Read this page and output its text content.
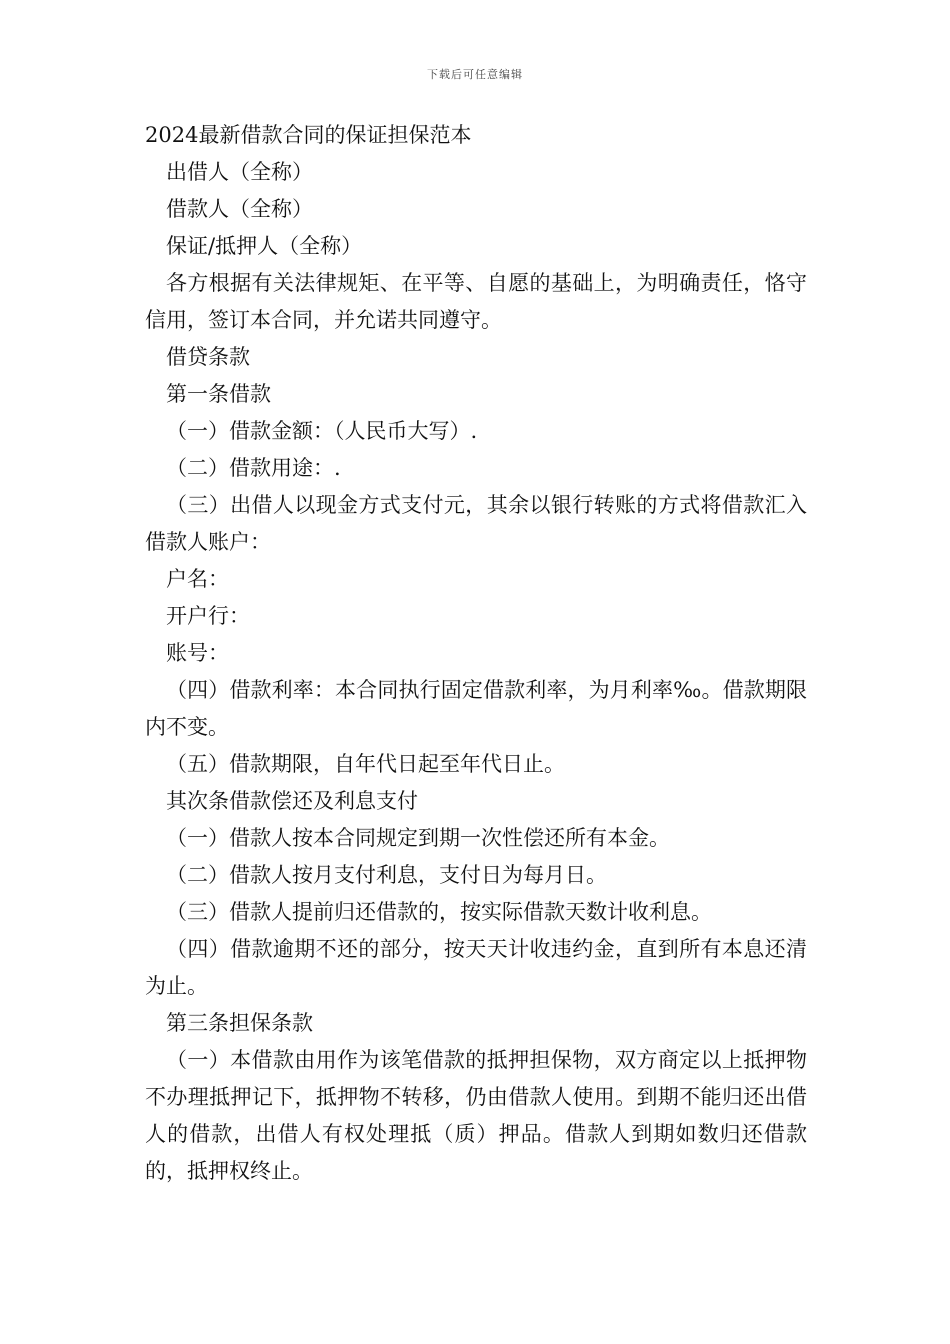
下载后可任意编辑
2024最新借款合同的保证担保范本

出借人（全称）

借款人（全称）

保证/抵押人（全称）

各方根据有关法律规矩、在平等、自愿的基础上，为明确责任，恪守信用，签订本合同，并允诺共同遵守。

借贷条款

第一条借款

（一）借款金额：（人民币大写）.

（二）借款用途：.

（三）出借人以现金方式支付元，其余以银行转账的方式将借款汇入借款人账户：

户名：

开户行：

账号：

（四）借款利率：本合同执行固定借款利率，为月利率‰。借款期限内不变。

（五）借款期限，自年代日起至年代日止。

其次条借款偿还及利息支付

（一）借款人按本合同规定到期一次性偿还所有本金。

（二）借款人按月支付利息，支付日为每月日。

（三）借款人提前归还借款的，按实际借款天数计收利息。

（四）借款逾期不还的部分，按天天计收违约金，直到所有本息还清为止。

第三条担保条款

（一）本借款由用作为该笔借款的抵押担保物，双方商定以上抵押物不办理抵押记下，抵押物不转移，仍由借款人使用。到期不能归还出借人的借款，出借人有权处理抵（质）押品。借款人到期如数归还借款的，抵押权终止。
